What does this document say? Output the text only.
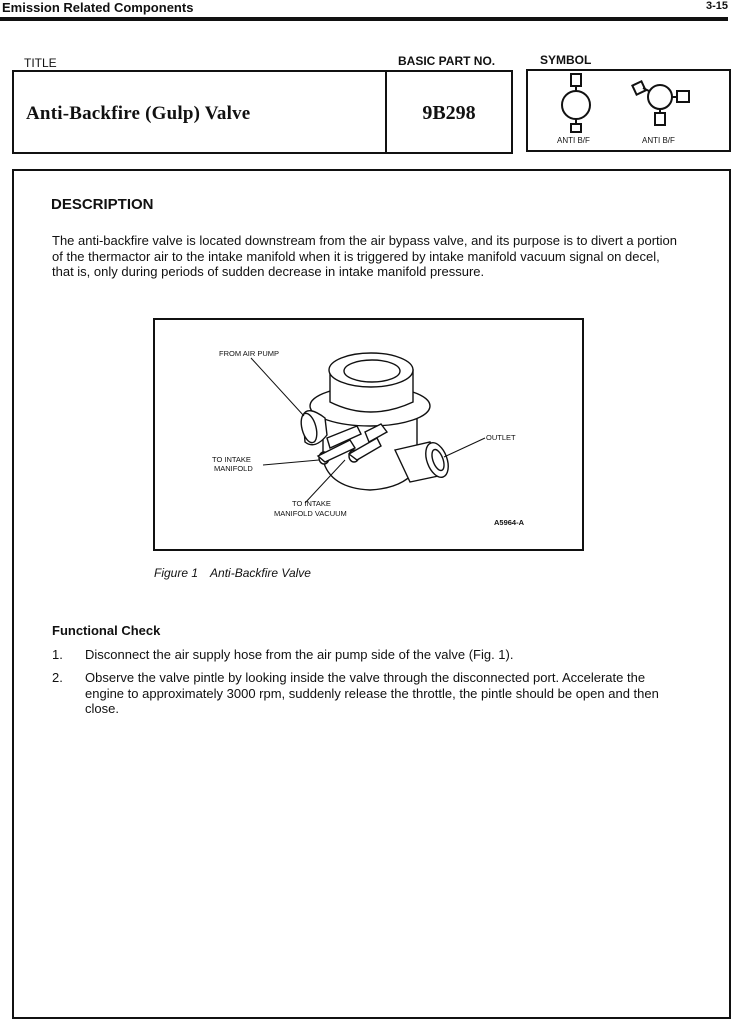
Emission Related Components	3-15
TITLE	BASIC PART NO.	SYMBOL
Anti-Backfire (Gulp) Valve	9B298
ANTI B/F	ANTI B/F
DESCRIPTION
The anti-backfire valve is located downstream from the air bypass valve, and its purpose is to divert a portion of the thermactor air to the intake manifold when it is triggered by intake manifold vacuum signal on decel, that is, only during periods of sudden decrease in intake manifold pressure.
FROM AIR PUMP
OUTLET
TO INTAKE
MANIFOLD
TO INTAKE
MANIFOLD VACUUM
A5964-A
Figure 1 Anti-Backfire Valve
Functional Check
1. Disconnect the air supply hose from the air pump side of the valve (Fig. 1).
2. Observe the valve pintle by looking inside the valve through the disconnected port. Accelerate the engine to approximately 3000 rpm, suddenly release the throttle, the pintle should be open and then close.
